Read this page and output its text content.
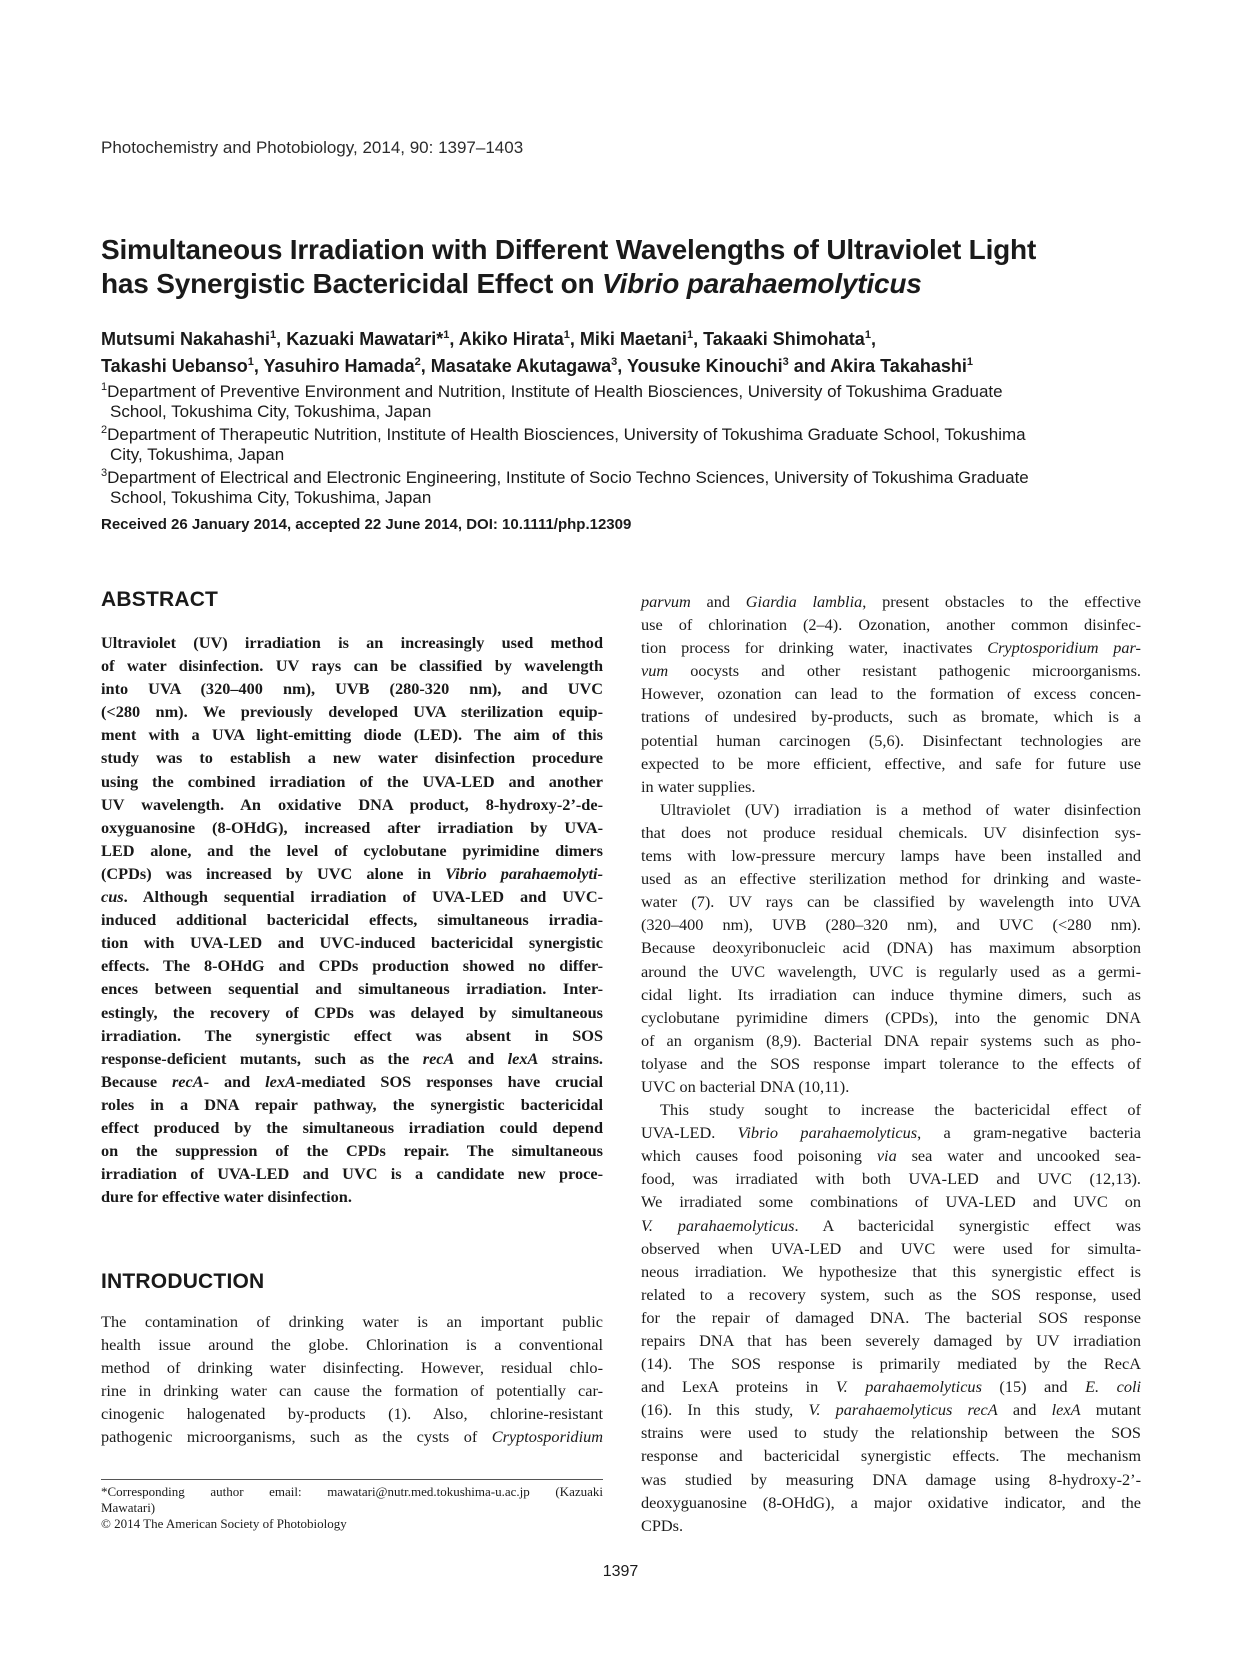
Photochemistry and Photobiology, 2014, 90: 1397–1403
Simultaneous Irradiation with Different Wavelengths of Ultraviolet Light
has Synergistic Bactericidal Effect on Vibrio parahaemolyticus
Mutsumi Nakahashi$^1$, Kazuaki Mawatari*$^1$, Akiko Hirata$^1$, Miki Maetani$^1$, Takaaki Shimohata$^1$,
Takashi Uebanso$^1$, Yasuhiro Hamada$^2$, Masatake Akutagawa$^3$, Yousuke Kinouchi$^3$ and Akira Takahashi$^1$
$^1$Department of Preventive Environment and Nutrition, Institute of Health Biosciences, University of Tokushima Graduate
School, Tokushima City, Tokushima, Japan
$^2$Department of Therapeutic Nutrition, Institute of Health Biosciences, University of Tokushima Graduate School, Tokushima
City, Tokushima, Japan
$^3$Department of Electrical and Electronic Engineering, Institute of Socio Techno Sciences, University of Tokushima Graduate
School, Tokushima City, Tokushima, Japan
Received 26 January 2014, accepted 22 June 2014, DOI: 10.1111/php.12309
ABSTRACT
Ultraviolet (UV) irradiation is an increasingly used method
of water disinfection. UV rays can be classified by wavelength
into UVA (320–400 nm), UVB (280-320 nm), and UVC
(<280 nm). We previously developed UVA sterilization equip-
ment with a UVA light-emitting diode (LED). The aim of this
study was to establish a new water disinfection procedure
using the combined irradiation of the UVA-LED and another
UV wavelength. An oxidative DNA product, 8-hydroxy-2’-de-
oxyguanosine (8-OHdG), increased after irradiation by UVA-
LED alone, and the level of cyclobutane pyrimidine dimers
(CPDs) was increased by UVC alone in Vibrio parahaemolyti-
cus. Although sequential irradiation of UVA-LED and UVC-
induced additional bactericidal effects, simultaneous irradia-
tion with UVA-LED and UVC-induced bactericidal synergistic
effects. The 8-OHdG and CPDs production showed no differ-
ences between sequential and simultaneous irradiation. Inter-
estingly, the recovery of CPDs was delayed by simultaneous
irradiation. The synergistic effect was absent in SOS
response-deficient mutants, such as the recA and lexA strains.
Because recA- and lexA-mediated SOS responses have crucial
roles in a DNA repair pathway, the synergistic bactericidal
effect produced by the simultaneous irradiation could depend
on the suppression of the CPDs repair. The simultaneous
irradiation of UVA-LED and UVC is a candidate new proce-
dure for effective water disinfection.
INTRODUCTION
The contamination of drinking water is an important public
health issue around the globe. Chlorination is a conventional
method of drinking water disinfecting. However, residual chlo-
rine in drinking water can cause the formation of potentially car-
cinogenic halogenated by-products (1). Also, chlorine-resistant
pathogenic microorganisms, such as the cysts of Cryptosporidium
parvum and Giardia lamblia, present obstacles to the effective
use of chlorination (2–4). Ozonation, another common disinfec-
tion process for drinking water, inactivates Cryptosporidium par-
vum oocysts and other resistant pathogenic microorganisms.
However, ozonation can lead to the formation of excess concen-
trations of undesired by-products, such as bromate, which is a
potential human carcinogen (5,6). Disinfectant technologies are
expected to be more efficient, effective, and safe for future use
in water supplies.
Ultraviolet (UV) irradiation is a method of water disinfection
that does not produce residual chemicals. UV disinfection sys-
tems with low-pressure mercury lamps have been installed and
used as an effective sterilization method for drinking and waste-
water (7). UV rays can be classified by wavelength into UVA
(320–400 nm), UVB (280–320 nm), and UVC (<280 nm).
Because deoxyribonucleic acid (DNA) has maximum absorption
around the UVC wavelength, UVC is regularly used as a germi-
cidal light. Its irradiation can induce thymine dimers, such as
cyclobutane pyrimidine dimers (CPDs), into the genomic DNA
of an organism (8,9). Bacterial DNA repair systems such as pho-
tolyase and the SOS response impart tolerance to the effects of
UVC on bacterial DNA (10,11).
This study sought to increase the bactericidal effect of
UVA-LED. Vibrio parahaemolyticus, a gram-negative bacteria
which causes food poisoning via sea water and uncooked sea-
food, was irradiated with both UVA-LED and UVC (12,13).
We irradiated some combinations of UVA-LED and UVC on
V. parahaemolyticus. A bactericidal synergistic effect was
observed when UVA-LED and UVC were used for simulta-
neous irradiation. We hypothesize that this synergistic effect is
related to a recovery system, such as the SOS response, used
for the repair of damaged DNA. The bacterial SOS response
repairs DNA that has been severely damaged by UV irradiation
(14). The SOS response is primarily mediated by the RecA
and LexA proteins in V. parahaemolyticus (15) and E. coli
(16). In this study, V. parahaemolyticus recA and lexA mutant
strains were used to study the relationship between the SOS
response and bactericidal synergistic effects. The mechanism
was studied by measuring DNA damage using 8-hydroxy-2’-
deoxyguanosine (8-OHdG), a major oxidative indicator, and the
CPDs.
*Corresponding author email: mawatari@nutr.med.tokushima-u.ac.jp (Kazuaki
Mawatari)
© 2014 The American Society of Photobiology
1397
